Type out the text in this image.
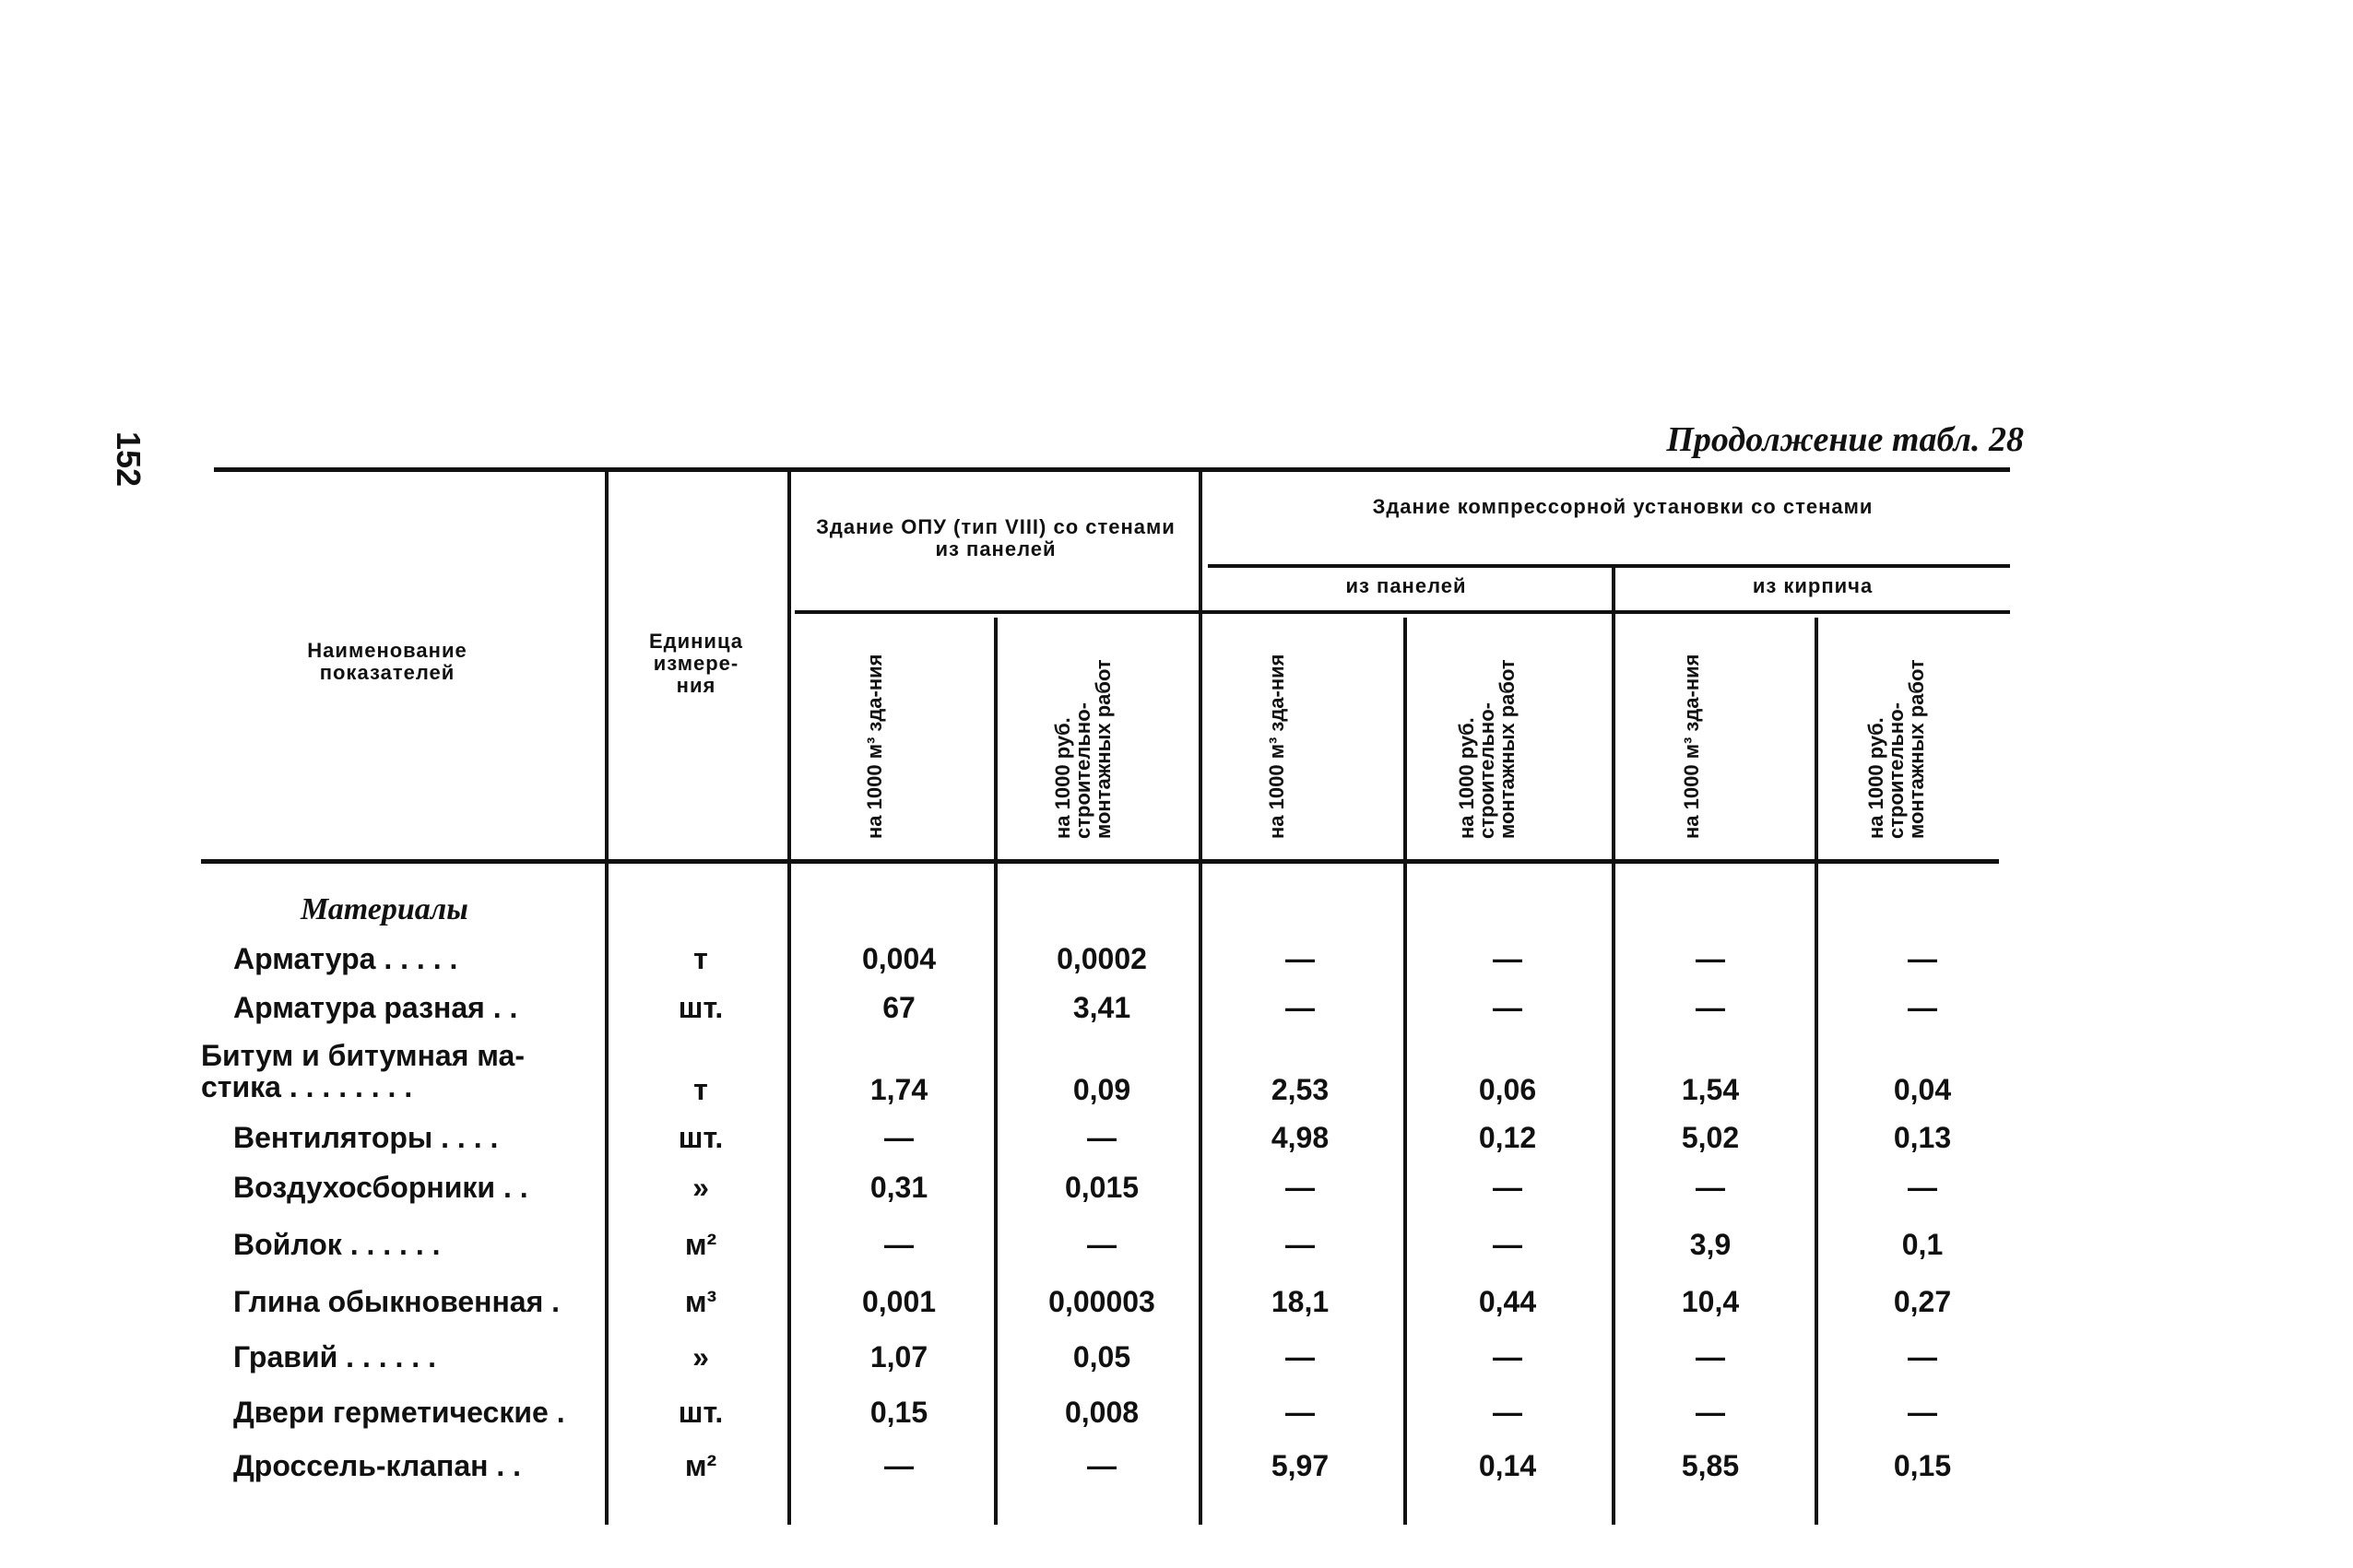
152	Продолжение табл. 28
Наименование показателей
Единица измере-ния
Здание ОПУ (тип VIII) со стенами из панелей
Здание компрессорной установки со стенами
из панелей	из кирпича
на 1000 м³ зда-ния	на 1000 руб. строительно-монтажных работ	на 1000 м³ зда-ния	на 1000 руб. строительно-монтажных работ	на 1000 м³ зда-ния	на 1000 руб. строительно-монтажных работ
Материалы
Арматура . . . . .	т	0,004	0,0002	—	—	—	—
Арматура разная . .	шт.	67	3,41	—	—	—	—
Битум и битумная ма-стика . . . . . . . .	т	1,74	0,09	2,53	0,06	1,54	0,04
Вентиляторы . . . .	шт.	—	—	4,98	0,12	5,02	0,13
Воздухосборники . .	»	0,31	0,015	—	—	—	—
Войлок . . . . . .	м²	—	—	—	—	3,9	0,1
Глина обыкновенная .	м³	0,001	0,00003	18,1	0,44	10,4	0,27
Гравий . . . . . .	»	1,07	0,05	—	—	—	—
Двери герметические .	шт.	0,15	0,008	—	—	—	—
Дроссель-клапан . .	м²	—	—	5,97	0,14	5,85	0,15
